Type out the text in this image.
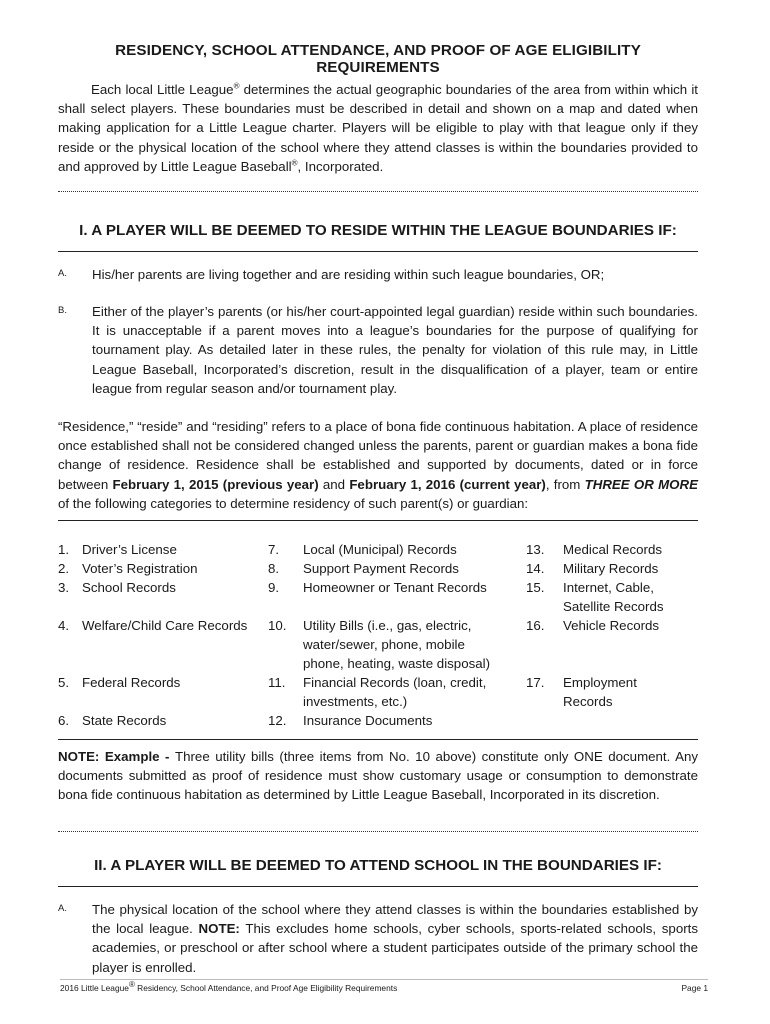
RESIDENCY, SCHOOL ATTENDANCE, AND PROOF OF AGE ELIGIBILITY REQUIREMENTS

Each local Little League® determines the actual geographic boundaries of the area from within which it shall select players. These boundaries must be described in detail and shown on a map and dated when making application for a Little League charter. Players will be eligible to play with that league only if they reside or the physical location of the school where they attend classes is within the boundaries provided to and approved by Little League Baseball®, Incorporated.

I. A PLAYER WILL BE DEEMED TO RESIDE WITHIN THE LEAGUE BOUNDARIES IF:
A. His/her parents are living together and are residing within such league boundaries, OR;

B. Either of the player’s parents (or his/her court-appointed legal guardian) reside within such boundaries. It is unacceptable if a parent moves into a league’s boundaries for the purpose of qualifying for tournament play. As detailed later in these rules, the penalty for violation of this rule may, in Little League Baseball, Incorporated’s discretion, result in the disqualification of a player, team or entire league from regular season and/or tournament play.

“Residence,” “reside” and “residing” refers to a place of bona fide continuous habitation. A place of residence once established shall not be considered changed unless the parents, parent or guardian makes a bona fide change of residence. Residence shall be established and supported by documents, dated or in force between February 1, 2015 (previous year) and February 1, 2016 (current year), from THREE OR MORE of the following categories to determine residency of such parent(s) or guardian:

1. Driver’s License
2. Voter’s Registration
3. School Records
4. Welfare/Child Care Records
5. Federal Records
6. State Records
7. Local (Municipal) Records
8. Support Payment Records
9. Homeowner or Tenant Records
10. Utility Bills (i.e., gas, electric,
water/sewer, phone, mobile
phone, heating, waste disposal)
11. Financial Records (loan, credit,
investments, etc.)
12. Insurance Documents
13. Medical Records
14. Military Records
15. Internet, Cable,
Satellite Records
16. Vehicle Records
17. Employment
Records

NOTE: Example - Three utility bills (three items from No. 10 above) constitute only ONE document. Any documents submitted as proof of residence must show customary usage or consumption to demonstrate bona fide continuous habitation as determined by Little League Baseball, Incorporated in its discretion.

II. A PLAYER WILL BE DEEMED TO ATTEND SCHOOL IN THE BOUNDARIES IF:
A. The physical location of the school where they attend classes is within the boundaries established by the local league. NOTE: This excludes home schools, cyber schools, sports-related schools, sports academies, or preschool or after school where a student participates outside of the primary school the player is enrolled.

2016 Little League® Residency, School Attendance, and Proof Age Eligibility Requirements	Page 1
